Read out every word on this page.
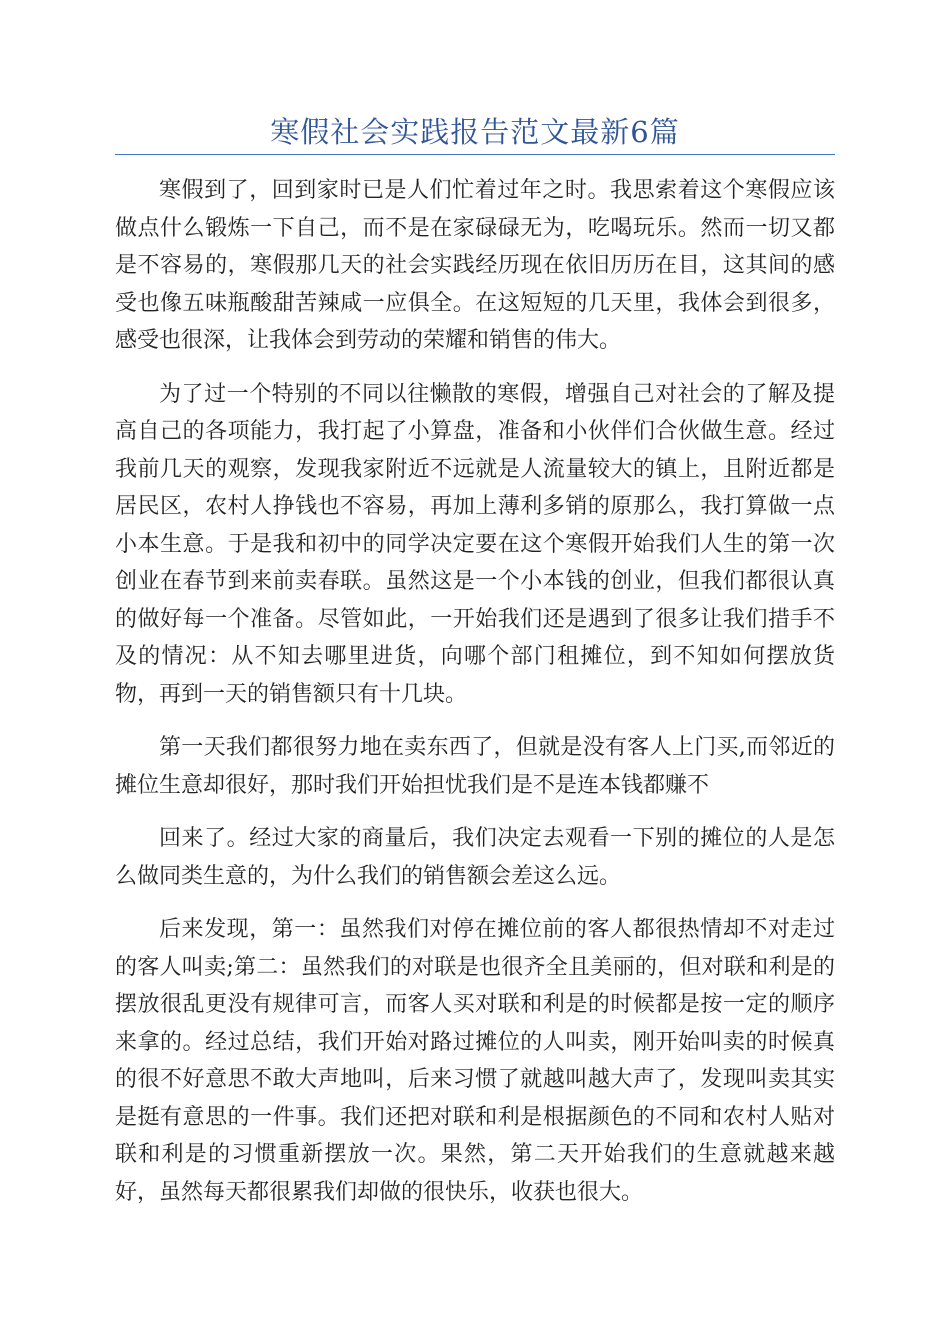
寒假社会实践报告范文最新6篇

寒假到了，回到家时已是人们忙着过年之时。我思索着这个寒假应该做点什么锻炼一下自己，而不是在家碌碌无为，吃喝玩乐。然而一切又都是不容易的，寒假那几天的社会实践经历现在依旧历历在目，这其间的感受也像五味瓶酸甜苦辣咸一应俱全。在这短短的几天里，我体会到很多，感受也很深，让我体会到劳动的荣耀和销售的伟大。

为了过一个特别的不同以往懒散的寒假，增强自己对社会的了解及提高自己的各项能力，我打起了小算盘，准备和小伙伴们合伙做生意。经过我前几天的观察，发现我家附近不远就是人流量较大的镇上，且附近都是居民区，农村人挣钱也不容易，再加上薄利多销的原那么，我打算做一点小本生意。于是我和初中的同学决定要在这个寒假开始我们人生的第一次创业在春节到来前卖春联。虽然这是一个小本钱的创业，但我们都很认真的做好每一个准备。尽管如此，一开始我们还是遇到了很多让我们措手不及的情况：从不知去哪里进货，向哪个部门租摊位，到不知如何摆放货物，再到一天的销售额只有十几块。

第一天我们都很努力地在卖东西了，但就是没有客人上门买,而邻近的摊位生意却很好，那时我们开始担忧我们是不是连本钱都赚不

回来了。经过大家的商量后，我们决定去观看一下别的摊位的人是怎么做同类生意的，为什么我们的销售额会差这么远。

后来发现，第一：虽然我们对停在摊位前的客人都很热情却不对走过的客人叫卖;第二：虽然我们的对联是也很齐全且美丽的，但对联和利是的摆放很乱更没有规律可言，而客人买对联和利是的时候都是按一定的顺序来拿的。经过总结，我们开始对路过摊位的人叫卖，刚开始叫卖的时候真的很不好意思不敢大声地叫，后来习惯了就越叫越大声了，发现叫卖其实是挺有意思的一件事。我们还把对联和利是根据颜色的不同和农村人贴对联和利是的习惯重新摆放一次。果然，第二天开始我们的生意就越来越好，虽然每天都很累我们却做的很快乐，收获也很大。
